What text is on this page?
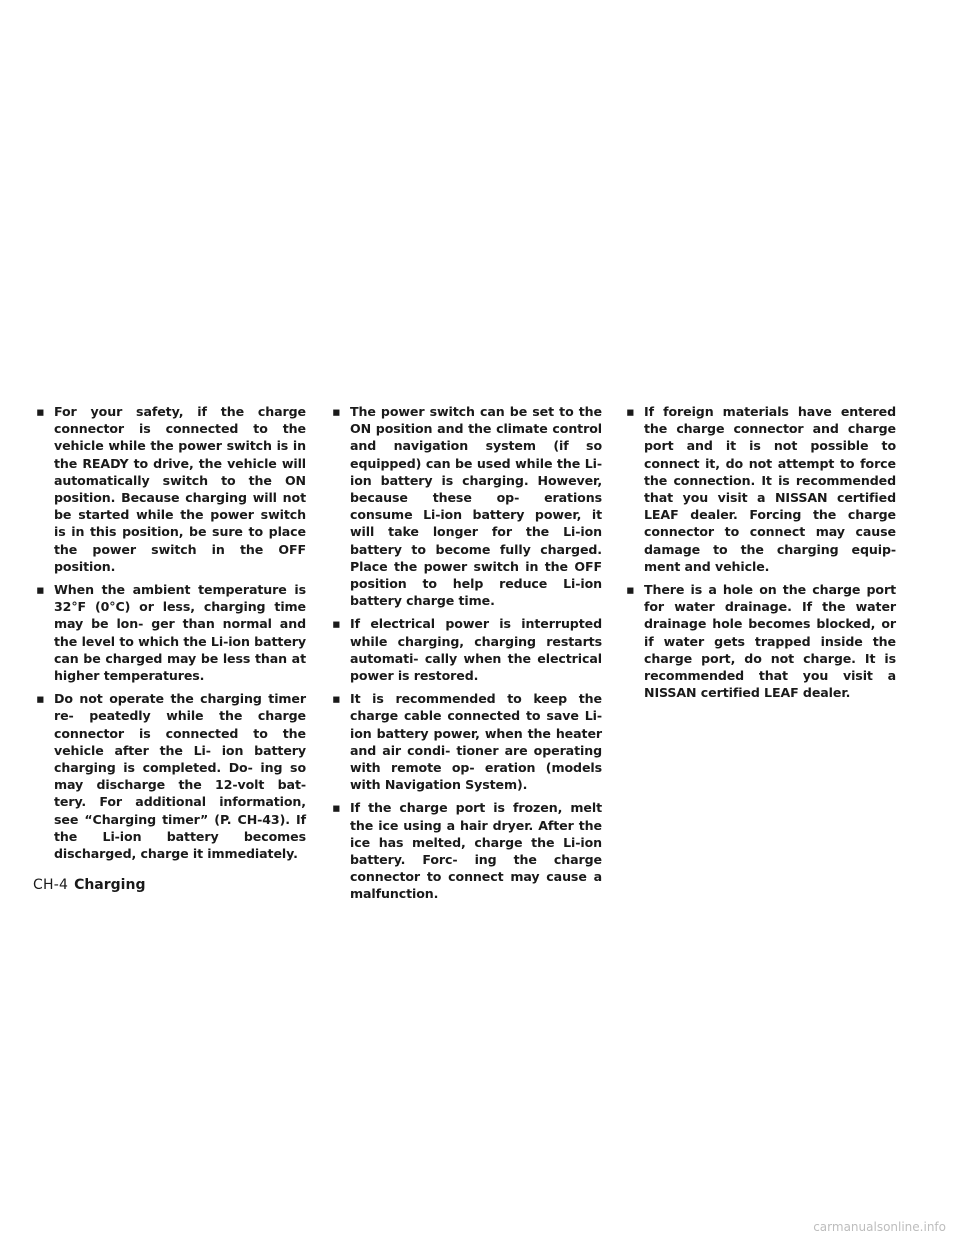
▪ For your safety, if the charge connector is connected to the vehicle while the power switch is in the READY to drive, the vehicle will automatically switch to the ON position. Because charging will not be started while the power switch is in this position, be sure to place the power switch in the OFF position.
▪ When the ambient temperature is 32°F (0°C) or less, charging time may be lon- ger than normal and the level to which the Li-ion battery can be charged may be less than at higher temperatures.
▪ Do not operate the charging timer re- peatedly while the charge connector is connected to the vehicle after the Li- ion battery charging is completed. Do- ing so may discharge the 12-volt bat- tery. For additional information, see “Charging timer” (P. CH-43). If the Li-ion battery becomes discharged, charge it immediately.
▪ The power switch can be set to the ON position and the climate control and navigation system (if so equipped) can be used while the Li-ion battery is charging. However, because these op- erations consume Li-ion battery power, it will take longer for the Li-ion battery to become fully charged. Place the power switch in the OFF position to help reduce Li-ion battery charge time.
▪ If electrical power is interrupted while charging, charging restarts automati- cally when the electrical power is restored.
▪ It is recommended to keep the charge cable connected to save Li-ion battery power, when the heater and air condi- tioner are operating with remote op- eration (models with Navigation System).
▪ If the charge port is frozen, melt the ice using a hair dryer. After the ice has melted, charge the Li-ion battery. Forc- ing the charge connector to connect may cause a malfunction.
▪ If foreign materials have entered the charge connector and charge port and it is not possible to connect it, do not attempt to force the connection. It is recommended that you visit a NISSAN certified LEAF dealer. Forcing the charge connector to connect may cause damage to the charging equip- ment and vehicle.
▪ There is a hole on the charge port for water drainage. If the water drainage hole becomes blocked, or if water gets trapped inside the charge port, do not charge. It is recommended that you visit a NISSAN certified LEAF dealer.
CH-4 Charging
carmanualsonline.info
